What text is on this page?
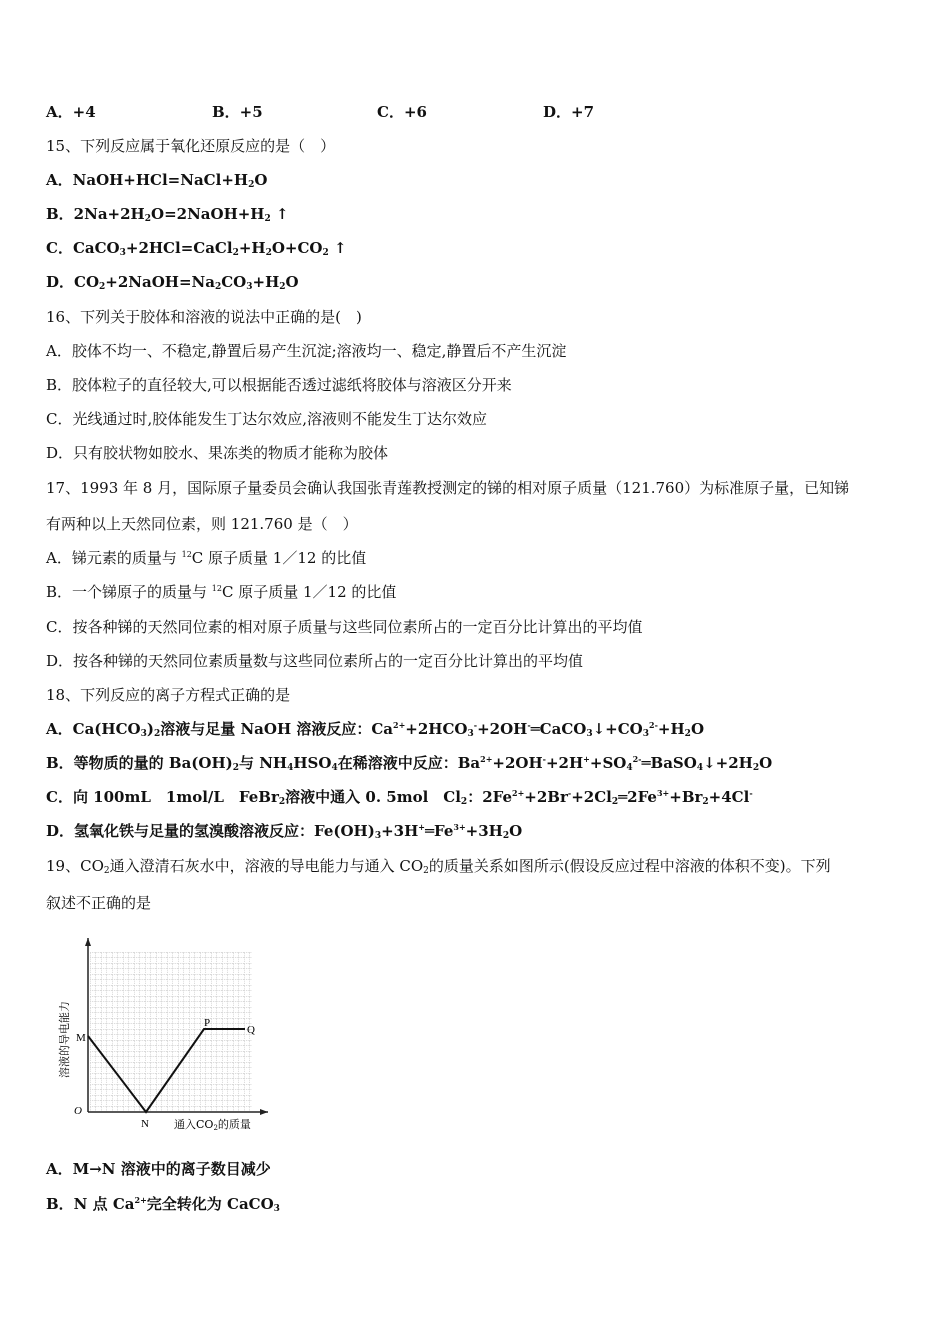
A．+4	B．+5	C．+6	D．+7
15、下列反应属于氧化还原反应的是（　）
A．$NaOH+HCl=NaCl+H_2O$
B．$2Na+2H_2O=2NaOH+H_2$ ↑
C．$CaCO_3+2HCl=CaCl_2+H_2O+CO_2$ ↑
D．$CO_2+2NaOH=Na_2CO_3+H_2O$
16、下列关于胶体和溶液的说法中正确的是(　)
A．胶体不均一、不稳定,静置后易产生沉淀;溶液均一、稳定,静置后不产生沉淀
B．胶体粒子的直径较大,可以根据能否透过滤纸将胶体与溶液区分开来
C．光线通过时,胶体能发生丁达尔效应,溶液则不能发生丁达尔效应
D．只有胶状物如胶水、果冻类的物质才能称为胶体
17、1993 年 8 月，国际原子量委员会确认我国张青莲教授测定的锑的相对原子质量（121.760）为标准原子量，已知锑
有两种以上天然同位素，则 121.760 是（　）
A．锑元素的质量与 $^{12}$C 原子质量 1／12 的比值
B．一个锑原子的质量与 $^{12}$C 原子质量 1／12 的比值
C．按各种锑的天然同位素的相对原子质量与这些同位素所占的一定百分比计算出的平均值
D．按各种锑的天然同位素质量数与这些同位素所占的一定百分比计算出的平均值
18、下列反应的离子方程式正确的是
A．$Ca(HCO_3)_2$溶液与足量 NaOH 溶液反应：$Ca^{2+}+2HCO_3^-+2OH^-═CaCO_3↓+CO_3^{2-}+H_2O$
B．等物质的量的 $Ba(OH)_2$与 $NH_4HSO_4$在稀溶液中反应：$Ba^{2+}+2OH^-+2H^++SO_4^{2-}═BaSO_4↓+2H_2O$
C．向 100mL　1mol/L　FeBr$_2$溶液中通入 0. 5mol　$Cl_2$：$2Fe^{2+}+2Br^-+2Cl_2═2Fe^{3+}+Br_2+4Cl^-$
D．氢氧化铁与足量的氢溴酸溶液反应：$Fe(OH)_3+3H^+═Fe^{3+}+3H_2O$
19、$CO_2$通入澄清石灰水中，溶液的导电能力与通入 $CO_2$的质量关系如图所示(假设反应过程中溶液的体积不变)。下列
叙述不正确的是
M
N
P
Q
O
通入CO2的质量
溶液的导电能力
A．M→N 溶液中的离子数目减少
B．N 点 $Ca^{2+}$完全转化为 CaCO$_3$
